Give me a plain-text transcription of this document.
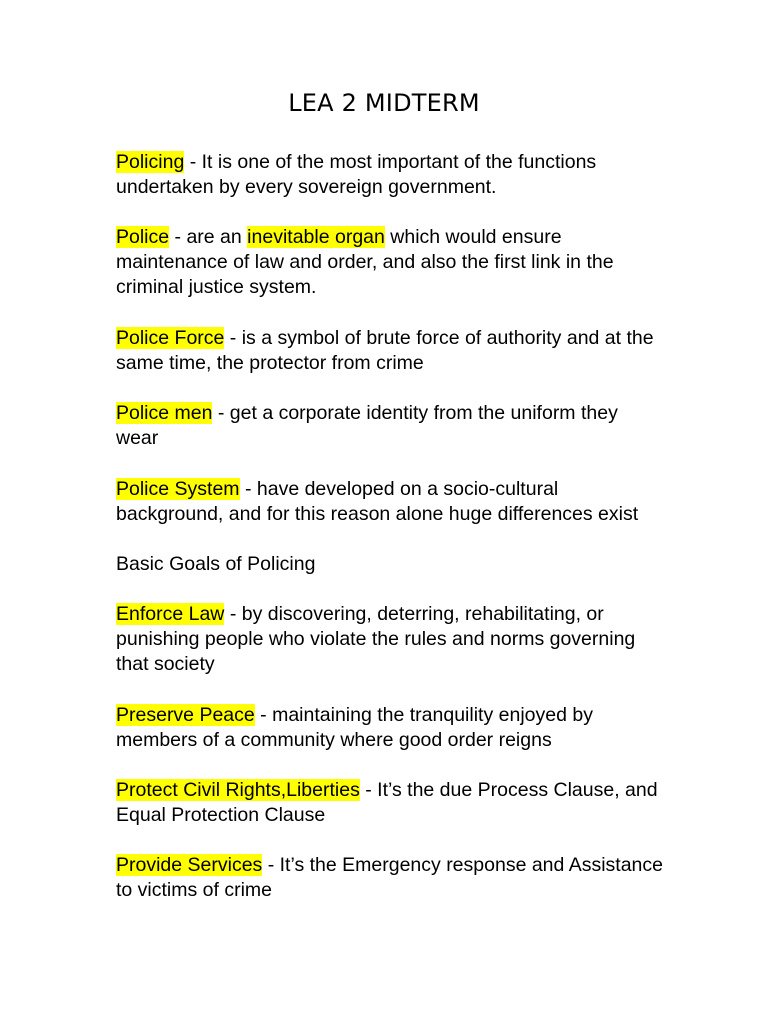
LEA 2 MIDTERM
Policing - It is one of the most important of the functions undertaken by every sovereign government.
Police - are an inevitable organ which would ensure maintenance of law and order, and also the first link in the criminal justice system.
Police Force - is a symbol of brute force of authority and at the same time, the protector from crime
Police men - get a corporate identity from the uniform they wear
Police System - have developed on a socio-cultural background, and for this reason alone huge differences exist
Basic Goals of Policing
Enforce Law - by discovering, deterring, rehabilitating, or punishing people who violate the rules and norms governing that society
Preserve Peace - maintaining the tranquility enjoyed by members of a community where good order reigns
Protect Civil Rights,Liberties - It’s the due Process Clause, and Equal Protection Clause
Provide Services - It’s the Emergency response and Assistance to victims of crime
